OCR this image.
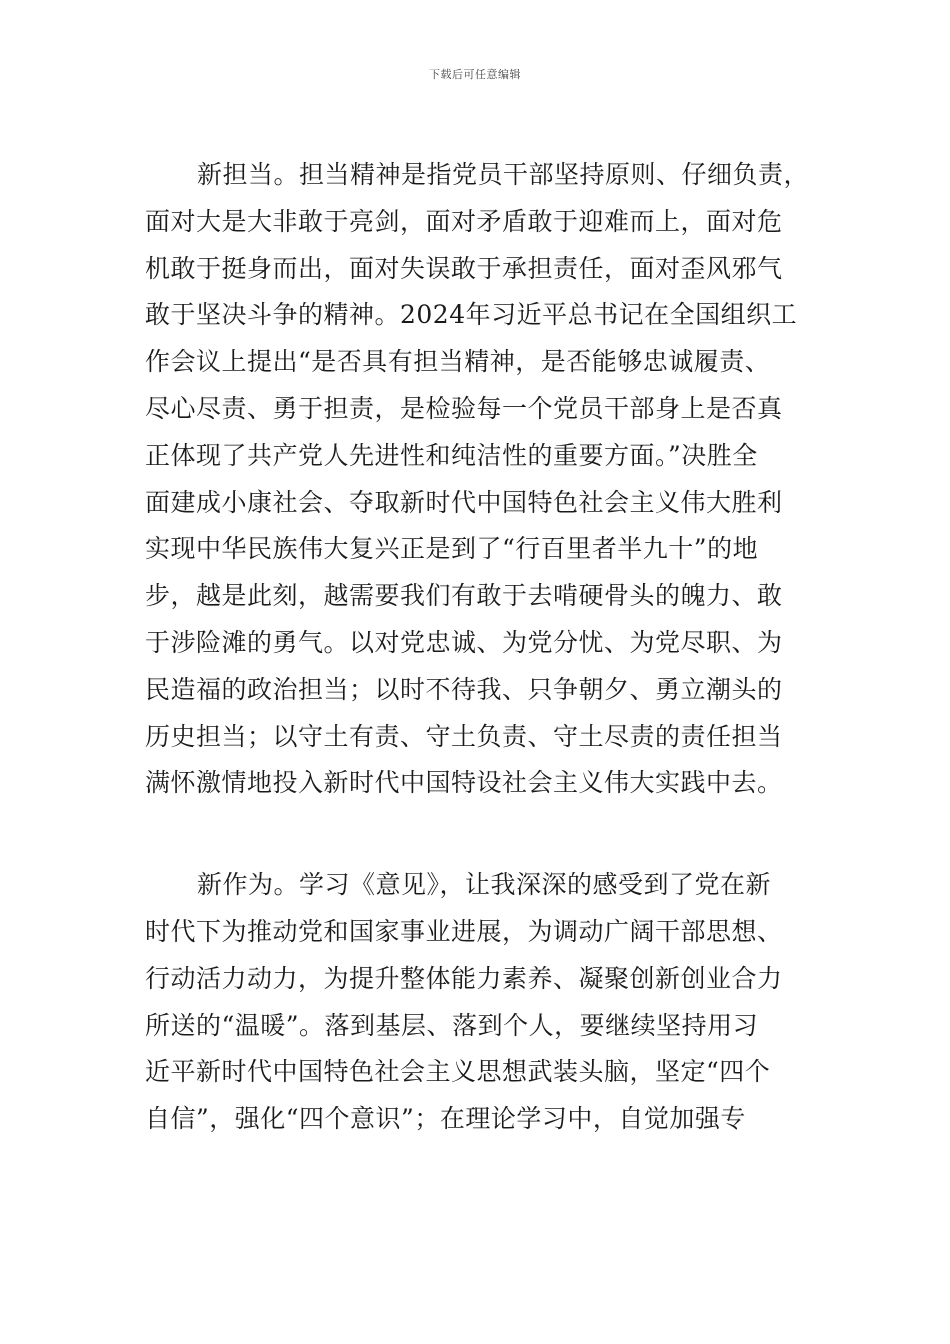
下载后可任意编辑

新担当。担当精神是指党员干部坚持原则、仔细负责，
面对大是大非敢于亮剑，面对矛盾敢于迎难而上，面对危
机敢于挺身而出，面对失误敢于承担责任，面对歪风邪气
敢于坚决斗争的精神。2024年习近平总书记在全国组织工
作会议上提出“是否具有担当精神，是否能够忠诚履责、
尽心尽责、勇于担责，是检验每一个党员干部身上是否真
正体现了共产党人先进性和纯洁性的重要方面。”决胜全
面建成小康社会、夺取新时代中国特色社会主义伟大胜利
实现中华民族伟大复兴正是到了“行百里者半九十”的地
步，越是此刻，越需要我们有敢于去啃硬骨头的魄力、敢
于涉险滩的勇气。以对党忠诚、为党分忧、为党尽职、为
民造福的政治担当；以时不待我、只争朝夕、勇立潮头的
历史担当；以守土有责、守土负责、守土尽责的责任担当
满怀激情地投入新时代中国特设社会主义伟大实践中去。

新作为。学习《意见》，让我深深的感受到了党在新
时代下为推动党和国家事业进展，为调动广阔干部思想、
行动活力动力，为提升整体能力素养、凝聚创新创业合力
所送的“温暖”。落到基层、落到个人，要继续坚持用习
近平新时代中国特色社会主义思想武装头脑，坚定“四个
自信”，强化“四个意识”；在理论学习中，自觉加强专
